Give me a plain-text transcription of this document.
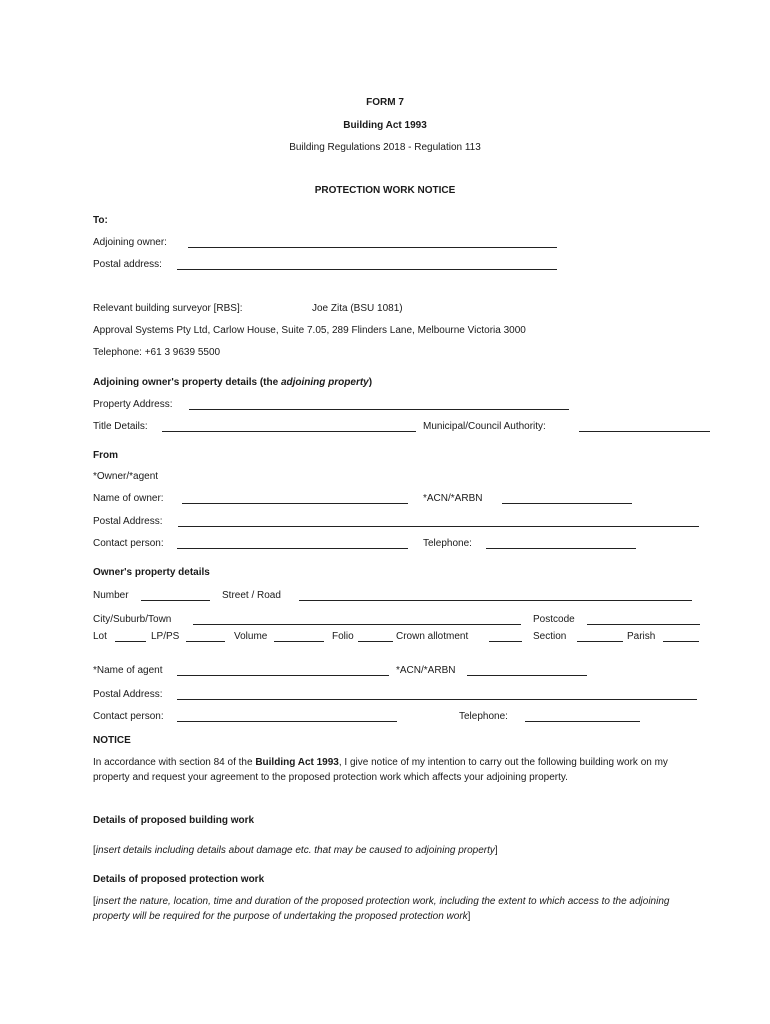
FORM 7
Building Act 1993
Building Regulations 2018 - Regulation 113
PROTECTION WORK NOTICE
To:
Adjoining owner:
Postal address:
Relevant building surveyor [RBS]:	Joe Zita (BSU 1081)
Approval Systems Pty Ltd, Carlow House, Suite 7.05, 289 Flinders Lane, Melbourne Victoria 3000
Telephone: +61 3 9639 5500
Adjoining owner's property details (the adjoining property)
Property Address:
Title Details:	Municipal/Council Authority:
From
*Owner/*agent
Name of owner:	*ACN/*ARBN
Postal Address:
Contact person:	Telephone:
Owner's property details
Number	Street / Road
City/Suburb/Town	Postcode
Lot	LP/PS	Volume	Folio	Crown allotment	Section	Parish
*Name of agent	*ACN/*ARBN
Postal Address:
Contact person:	Telephone:
NOTICE
In accordance with section 84 of the Building Act 1993, I give notice of my intention to carry out the following building work on my property and request your agreement to the proposed protection work which affects your adjoining property.
Details of proposed building work
[insert details including details about damage etc. that may be caused to adjoining property]
Details of proposed protection work
[insert the nature, location, time and duration of the proposed protection work, including the extent to which access to the adjoining property will be required for the purpose of undertaking the proposed protection work]
